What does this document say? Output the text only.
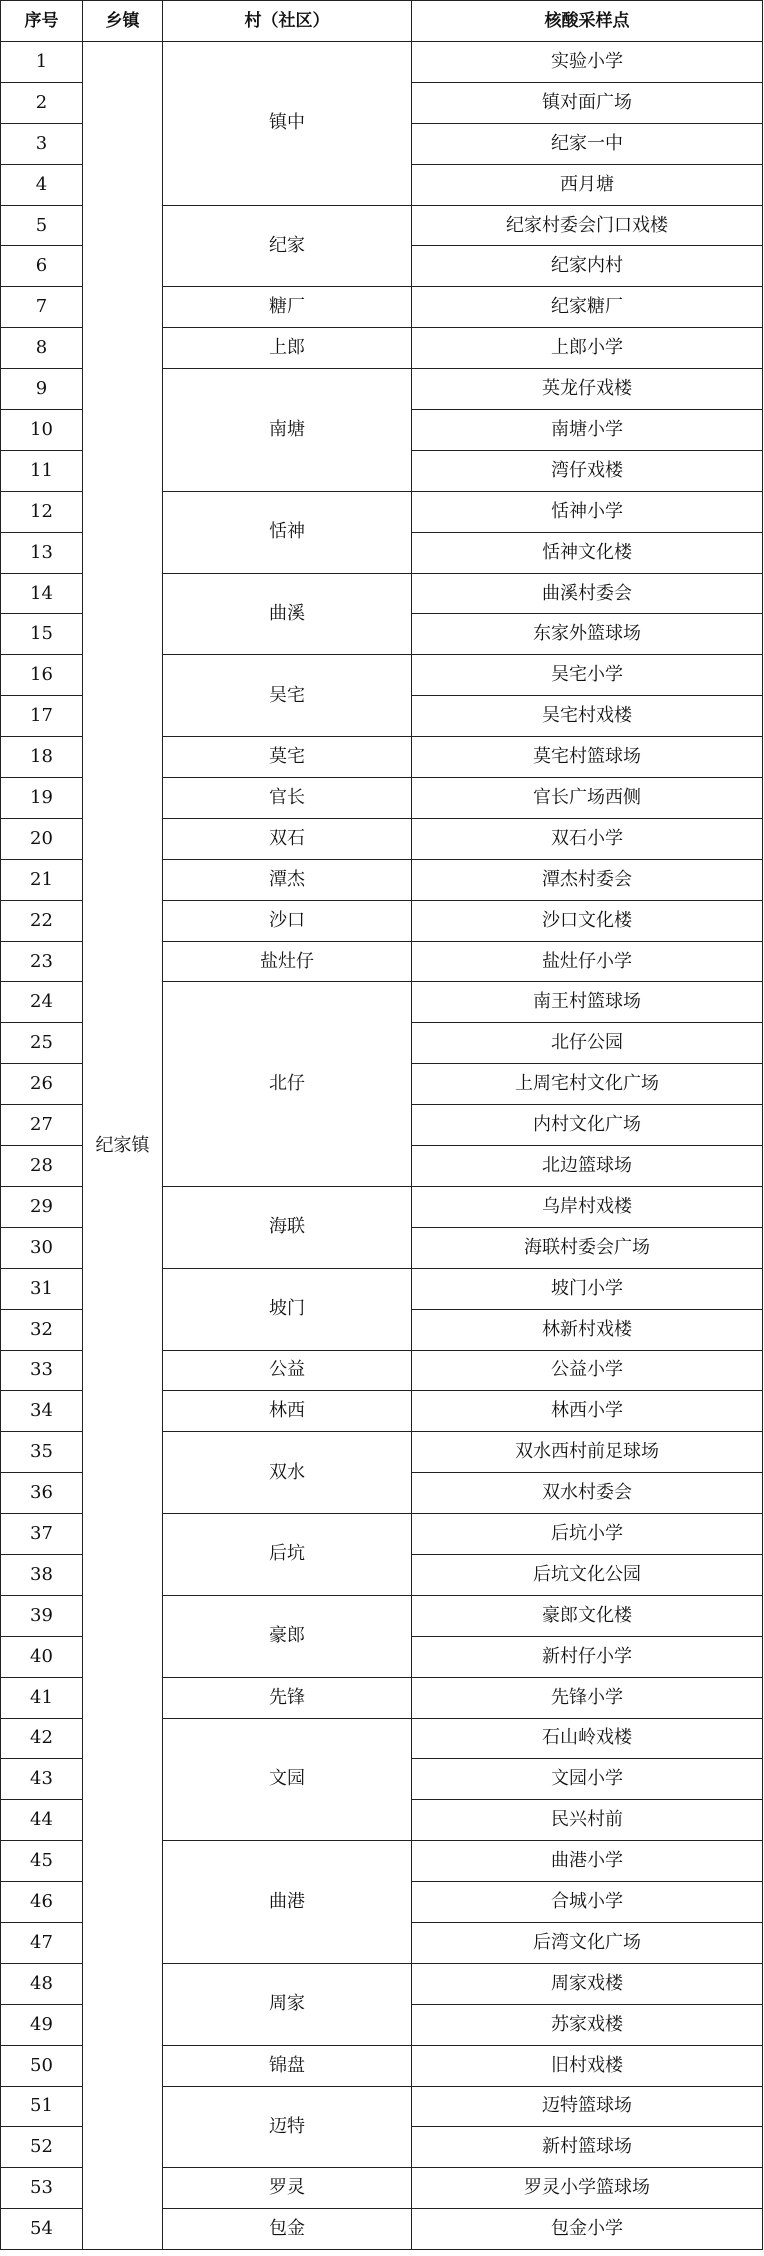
序号	乡镇	村（社区）	核酸采样点
1	纪家镇	镇中	实验小学
2			镇对面广场
3			纪家一中
4			西月塘
5		纪家	纪家村委会门口戏楼
6			纪家内村
7		糖厂	纪家糖厂
8		上郎	上郎小学
9		南塘	英龙仔戏楼
10			南塘小学
11			湾仔戏楼
12		恬神	恬神小学
13			恬神文化楼
14		曲溪	曲溪村委会
15			东家外篮球场
16		吴宅	吴宅小学
17			吴宅村戏楼
18		莫宅	莫宅村篮球场
19		官长	官长广场西侧
20		双石	双石小学
21		潭杰	潭杰村委会
22		沙口	沙口文化楼
23		盐灶仔	盐灶仔小学
24		北仔	南王村篮球场
25			北仔公园
26			上周宅村文化广场
27			内村文化广场
28			北边篮球场
29		海联	乌岸村戏楼
30			海联村委会广场
31		坡门	坡门小学
32			林新村戏楼
33		公益	公益小学
34		林西	林西小学
35		双水	双水西村前足球场
36			双水村委会
37		后坑	后坑小学
38			后坑文化公园
39		豪郎	豪郎文化楼
40			新村仔小学
41		先锋	先锋小学
42		文园	石山岭戏楼
43			文园小学
44			民兴村前
45		曲港	曲港小学
46			合城小学
47			后湾文化广场
48		周家	周家戏楼
49			苏家戏楼
50		锦盘	旧村戏楼
51		迈特	迈特篮球场
52			新村篮球场
53		罗灵	罗灵小学篮球场
54		包金	包金小学
